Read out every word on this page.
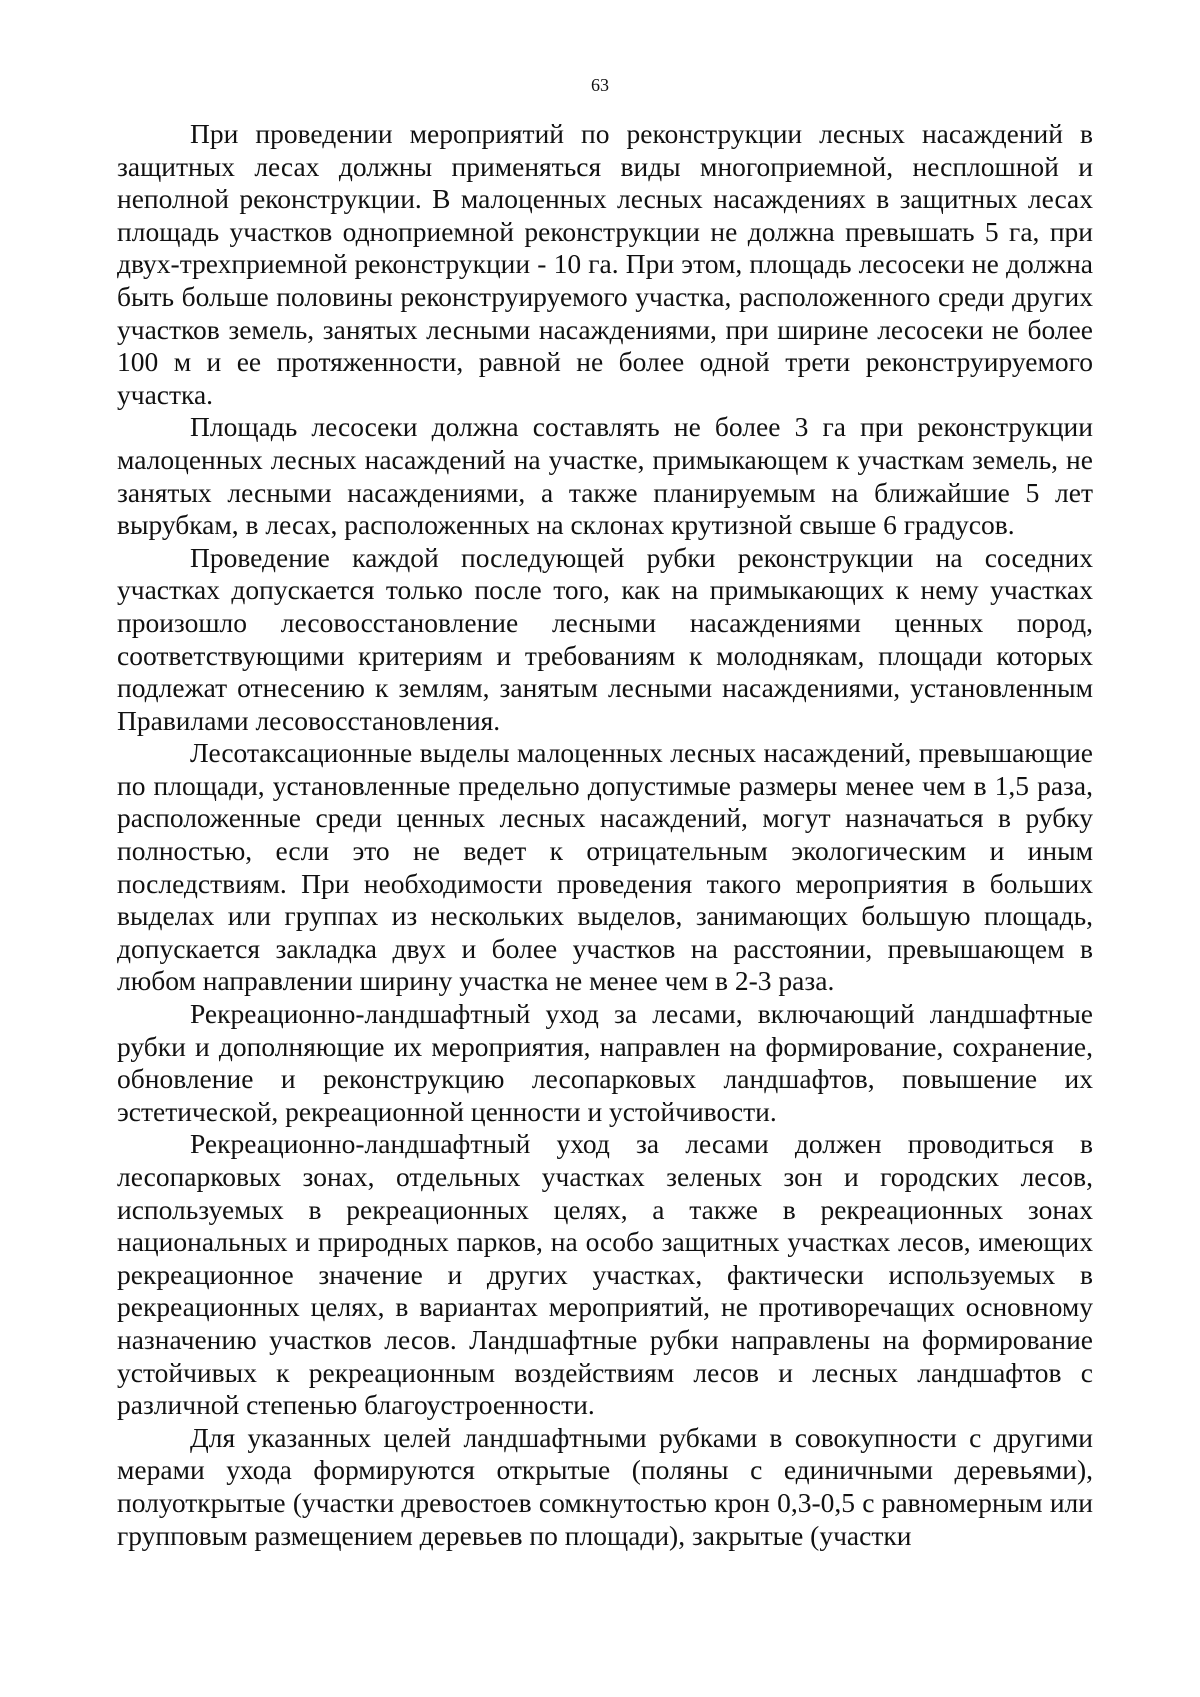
63

При проведении мероприятий по реконструкции лесных насаждений в защитных лесах должны применяться виды многоприемной, несплошной и неполной реконструкции. В малоценных лесных насаждениях в защитных лесах площадь участков одноприемной реконструкции не должна превышать 5 га, при двух-трехприемной реконструкции - 10 га. При этом, площадь лесосеки не должна быть больше половины реконструируемого участка, расположенного среди других участков земель, занятых лесными насаждениями, при ширине лесосеки не более 100 м и ее протяженности, равной не более одной трети реконструируемого участка.

Площадь лесосеки должна составлять не более 3 га при реконструкции малоценных лесных насаждений на участке, примыкающем к участкам земель, не занятых лесными насаждениями, а также планируемым на ближайшие 5 лет вырубкам, в лесах, расположенных на склонах крутизной свыше 6 градусов.

Проведение каждой последующей рубки реконструкции на соседних участках допускается только после того, как на примыкающих к нему участках произошло лесовосстановление лесными насаждениями ценных пород, соответствующими критериям и требованиям к молоднякам, площади которых подлежат отнесению к землям, занятым лесными насаждениями, установленным Правилами лесовосстановления.

Лесотаксационные выделы малоценных лесных насаждений, превышающие по площади, установленные предельно допустимые размеры менее чем в 1,5 раза, расположенные среди ценных лесных насаждений, могут назначаться в рубку полностью, если это не ведет к отрицательным экологическим и иным последствиям. При необходимости проведения такого мероприятия в больших выделах или группах из нескольких выделов, занимающих большую площадь, допускается закладка двух и более участков на расстоянии, превышающем в любом направлении ширину участка не менее чем в 2-3 раза.

Рекреационно-ландшафтный уход за лесами, включающий ландшафтные рубки и дополняющие их мероприятия, направлен на формирование, сохранение, обновление и реконструкцию лесопарковых ландшафтов, повышение их эстетической, рекреационной ценности и устойчивости.

Рекреационно-ландшафтный уход за лесами должен проводиться в лесопарковых зонах, отдельных участках зеленых зон и городских лесов, используемых в рекреационных целях, а также в рекреационных зонах национальных и природных парков, на особо защитных участках лесов, имеющих рекреационное значение и других участках, фактически используемых в рекреационных целях, в вариантах мероприятий, не противоречащих основному назначению участков лесов. Ландшафтные рубки направлены на формирование устойчивых к рекреационным воздействиям лесов и лесных ландшафтов с различной степенью благоустроенности.

Для указанных целей ландшафтными рубками в совокупности с другими мерами ухода формируются открытые (поляны с единичными деревьями), полуоткрытые (участки древостоев сомкнутостью крон 0,3-0,5 с равномерным или групповым размещением деревьев по площади), закрытые (участки
